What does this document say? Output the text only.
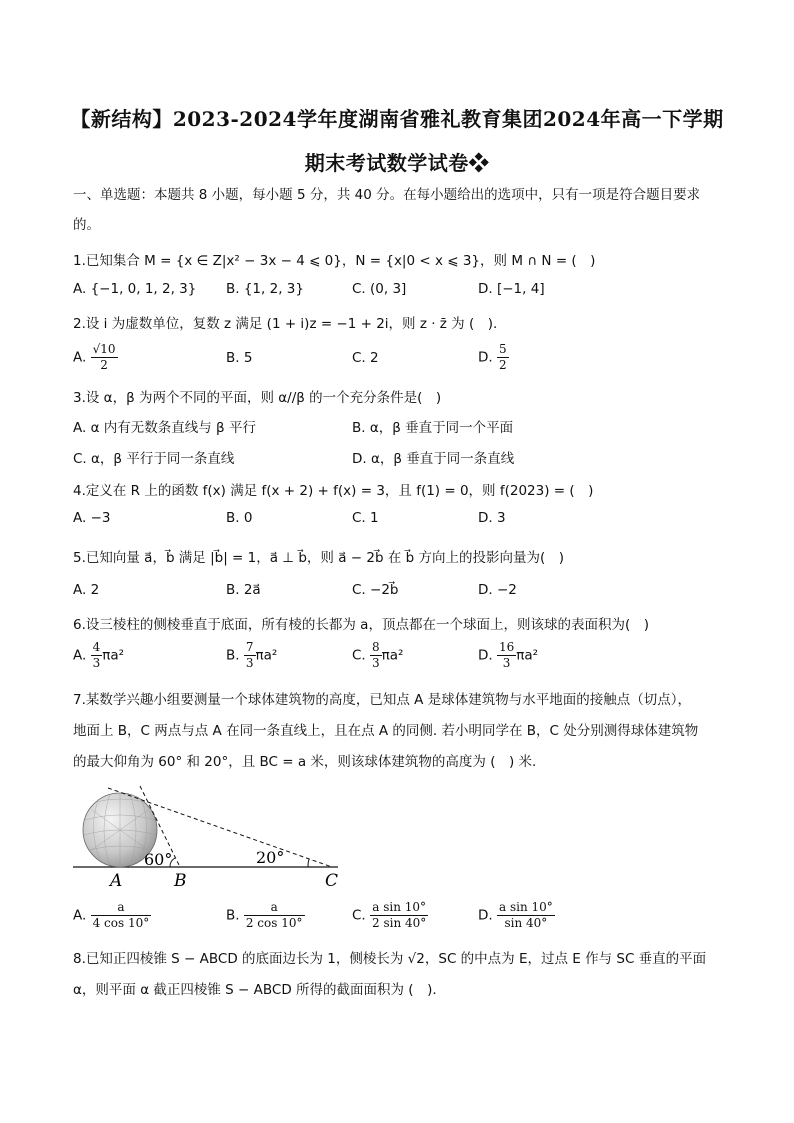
【新结构】2023-2024学年度湖南省雅礼教育集团2024年高一下学期
期末考试数学试卷❖
一、单选题：本题共 8 小题，每小题 5 分，共 40 分。在每小题给出的选项中，只有一项是符合题目要求的。
1.已知集合 M = {x ∈ Z|x² − 3x − 4 ⩽ 0}，N = {x|0 < x ⩽ 3}，则 M ∩ N = (　)
A. {−1, 0, 1, 2, 3} B. {1, 2, 3}	C. (0, 3]	D. [−1, 4]
2.设 i 为虚数单位，复数 z 满足 (1 + i)z = −1 + 2i，则 z · z̄ 为 (　).
A. $\frac{√10}{2}$	B. 5	C. 2	D. $\frac{5}{2}$
3.设 α，β 为两个不同的平面，则 α//β 的一个充分条件是(　)
A. α 内有无数条直线与 β 平行	B. α，β 垂直于同一个平面
C. α，β 平行于同一条直线	D. α，β 垂直于同一条直线
4.定义在 R 上的函数 f(x) 满足 f(x + 2) + f(x) = 3，且 f(1) = 0，则 f(2023) = (　)
A. −3	B. 0	C. 1	D. 3
5.已知向量 a⃗，b⃗ 满足 |b⃗| = 1，a⃗ ⊥ b⃗，则 a⃗ − 2b⃗ 在 b⃗ 方向上的投影向量为(　)
A. 2	B. 2a⃗	C. −2b⃗	D. −2
6.设三棱柱的侧棱垂直于底面，所有棱的长都为 a，顶点都在一个球面上，则该球的表面积为(　)
A. $\frac{4}{3} \pi a^2$	B. $\frac{7}{3} \pi a^2$	C. $\frac{8}{3} \pi a^2$	D. $\frac{16}{3} \pi a^2$
7.某数学兴趣小组要测量一个球体建筑物的高度，已知点 A 是球体建筑物与水平地面的接触点（切点），
地面上 B，C 两点与点 A 在同一条直线上，且在点 A 的同侧. 若小明同学在 B，C 处分别测得球体建筑物
的最大仰角为 60° 和 20°，且 BC = a 米，则该球体建筑物的高度为 (　) 米.
60°	20°
A	B	C
A. $\frac{a}{4 \cos 10^\circ}$	B. $\frac{a}{2 \cos 10^\circ}$	C. $\frac{\text{a sin 10°}}{2 \sin 40^\circ}$	D. $\frac{\text{a sin 10°}}{\sin 40^\circ}$
8.已知正四棱锥 S − ABCD 的底面边长为 1，侧棱长为 √2，SC 的中点为 E，过点 E 作与 SC 垂直的平面
α，则平面 α 截正四棱锥 S − ABCD 所得的截面面积为 (　).
